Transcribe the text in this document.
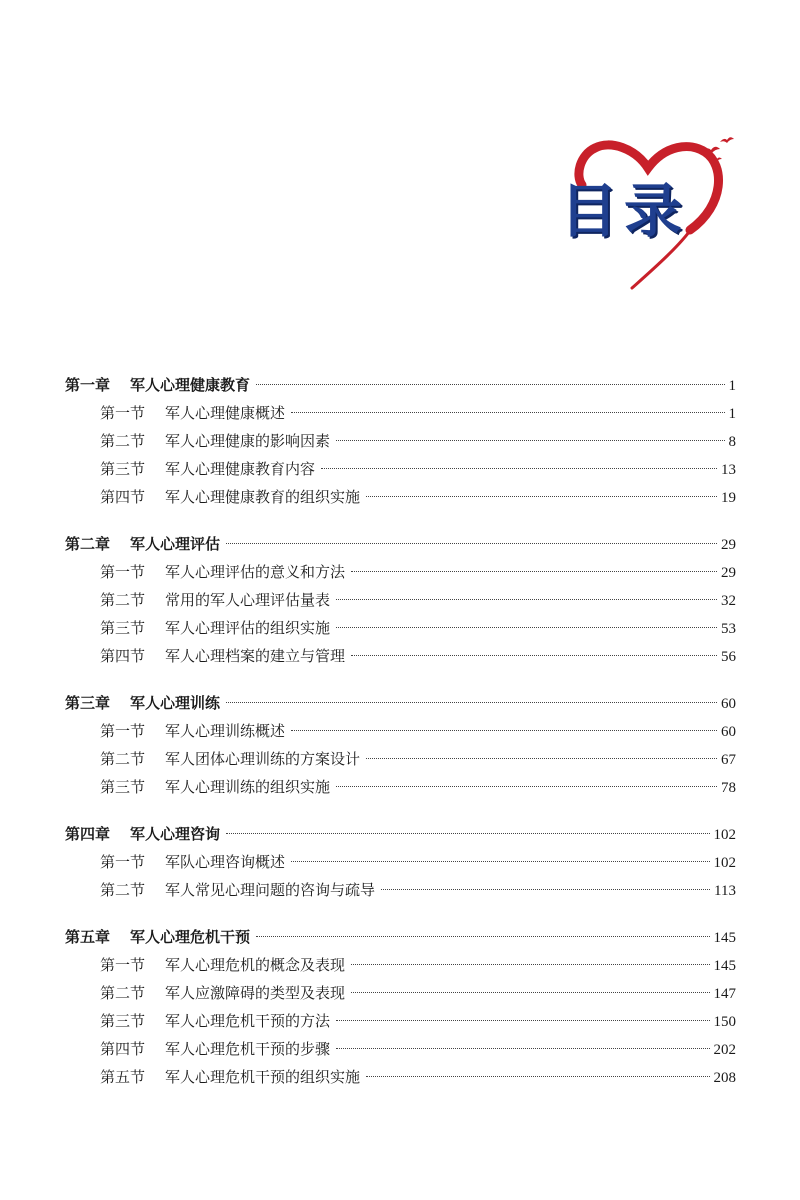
目录
第一章 军人心理健康教育	1
第一节 军人心理健康概述	1
第二节 军人心理健康的影响因素	8
第三节 军人心理健康教育内容	13
第四节 军人心理健康教育的组织实施	19
第二章 军人心理评估	29
第一节 军人心理评估的意义和方法	29
第二节 常用的军人心理评估量表	32
第三节 军人心理评估的组织实施	53
第四节 军人心理档案的建立与管理	56
第三章 军人心理训练	60
第一节 军人心理训练概述	60
第二节 军人团体心理训练的方案设计	67
第三节 军人心理训练的组织实施	78
第四章 军人心理咨询	102
第一节 军队心理咨询概述	102
第二节 军人常见心理问题的咨询与疏导	113
第五章 军人心理危机干预	145
第一节 军人心理危机的概念及表现	145
第二节 军人应激障碍的类型及表现	147
第三节 军人心理危机干预的方法	150
第四节 军人心理危机干预的步骤	202
第五节 军人心理危机干预的组织实施	208
